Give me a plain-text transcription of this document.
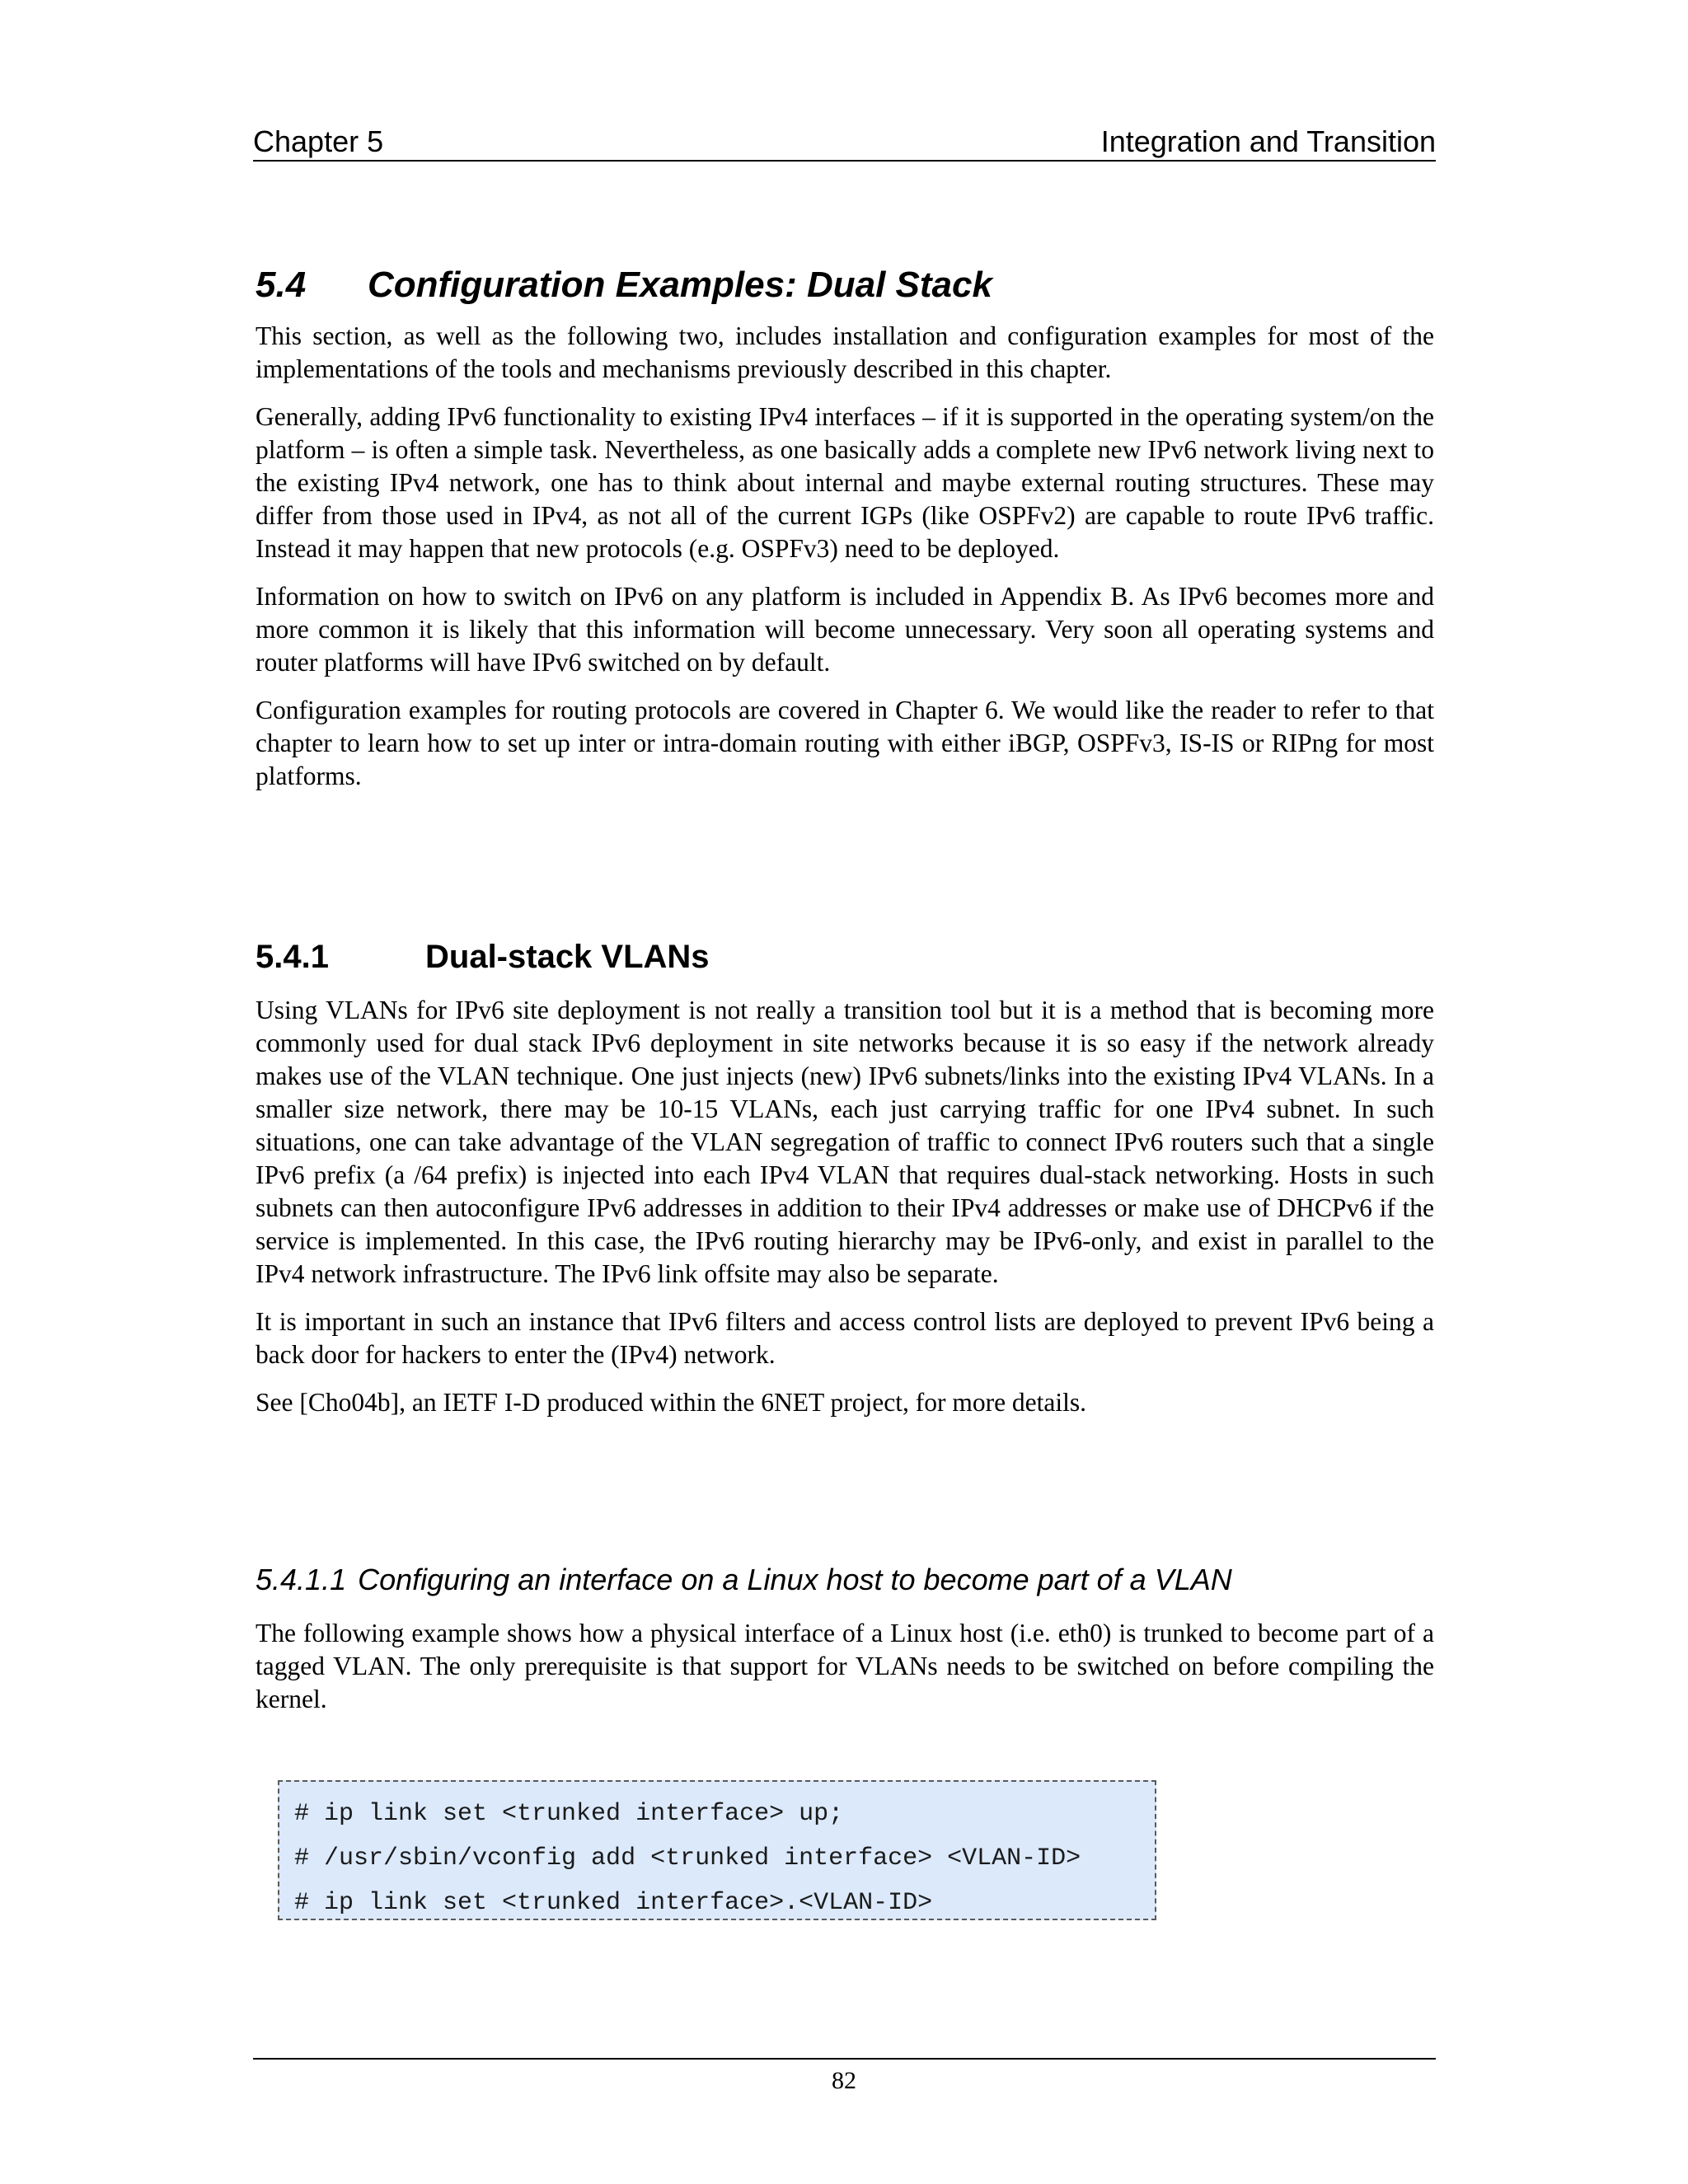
Chapter 5	Integration and Transition
5.4 Configuration Examples: Dual Stack

This section, as well as the following two, includes installation and configuration examples for most of the implementations of the tools and mechanisms previously described in this chapter.

Generally, adding IPv6 functionality to existing IPv4 interfaces – if it is supported in the operating system/on the platform – is often a simple task. Nevertheless, as one basically adds a complete new IPv6 network living next to the existing IPv4 network, one has to think about internal and maybe external routing structures. These may differ from those used in IPv4, as not all of the current IGPs (like OSPFv2) are capable to route IPv6 traffic. Instead it may happen that new protocols (e.g. OSPFv3) need to be deployed.

Information on how to switch on IPv6 on any platform is included in Appendix B. As IPv6 becomes more and more common it is likely that this information will become unnecessary. Very soon all operating systems and router platforms will have IPv6 switched on by default.

Configuration examples for routing protocols are covered in Chapter 6. We would like the reader to refer to that chapter to learn how to set up inter or intra-domain routing with either iBGP, OSPFv3, IS-IS or RIPng for most platforms.

5.4.1	Dual-stack VLANs

Using VLANs for IPv6 site deployment is not really a transition tool but it is a method that is becoming more commonly used for dual stack IPv6 deployment in site networks because it is so easy if the network already makes use of the VLAN technique. One just injects (new) IPv6 subnets/links into the existing IPv4 VLANs. In a smaller size network, there may be 10-15 VLANs, each just carrying traffic for one IPv4 subnet. In such situations, one can take advantage of the VLAN segregation of traffic to connect IPv6 routers such that a single IPv6 prefix (a /64 prefix) is injected into each IPv4 VLAN that requires dual-stack networking. Hosts in such subnets can then autoconfigure IPv6 addresses in addition to their IPv4 addresses or make use of DHCPv6 if the service is implemented. In this case, the IPv6 routing hierarchy may be IPv6-only, and exist in parallel to the IPv4 network infrastructure. The IPv6 link offsite may also be separate.

It is important in such an instance that IPv6 filters and access control lists are deployed to prevent IPv6 being a back door for hackers to enter the (IPv4) network.

See [Cho04b], an IETF I-D produced within the 6NET project, for more details.

5.4.1.1 Configuring an interface on a Linux host to become part of a VLAN

The following example shows how a physical interface of a Linux host (i.e. eth0) is trunked to become part of a tagged VLAN. The only prerequisite is that support for VLANs needs to be switched on before compiling the kernel.

# ip link set <trunked interface> up;
# /usr/sbin/vconfig add <trunked interface> <VLAN-ID>
# ip link set <trunked interface>.<VLAN-ID>
82
